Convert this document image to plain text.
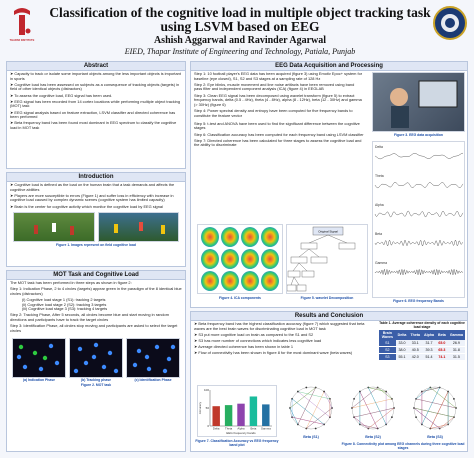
THAPAR INSTITUTE
Classification of the cognitive load in multiple object tracking task using LSVM based on EEG
Ashish Aggarwal and Ravinder Agarwal
EIED, Thapar Institute of Engineering and Technology, Patiala, Punjab
Abstract

➤ Capacity to track or isolate some important objects among the less important objects is important in sports

➤ Cognitive load has been assessed on subjects as a consequence of tracking objects (targets) in field of other identical objects (distractors)

➤ To assess the cognitive load, EEG signal has been used.

➤ EEG signal has been recorded from 14 cortex locations while performing multiple object tracking (MOT) task

➤ EEG signal analysis based on feature extraction, LSVM classifier and directed coherence has been performed

➤ Beta frequency band has been found most dominant in EEG spectrum to classify the cognitive load in MOT task

Introduction

➤ Cognitive load is defined as the load on the human brain that a task demands and affects the cognitive abilities

➤ Players are more susceptible to errors (Figure 1) and suffer loss in efficiency with increase in cognitive load caused by complex dynamic scenes (cognitive system has limited capacity)

➤ Brain is the center for cognitive activity which monitor the cognitive load by EEG signal

Figure 1. Images represent on field cognitive load
MOT Task and Cognitive Load

The MOT task has been performed in three steps as shown in figure 2:

Step 1: Indication Phase, 2 to 4 circles (targets) appear green in the paradigm of the 8 identical blue circles (distractors)

(i) Cognitive load stage 1 (S1): tracking 2 targets

(ii) Cognitive load stage 2 (S2): tracking 3 targets

(iii) Cognitive load stage 3 (S3): tracking 4 targets

Step 2: Tracking Phase, After 5 seconds, all circles become blue and start moving in random directions and participants have to track the target circles

Step 3: Identification Phase, all circles stop moving and participants are asked to select the target circles

(a) Indication Phase	(b) Tracking phase	(c) Identification Phase
Figure 2. MOT task
EEG Data Acquisition and Processing

Step 1: 10 football player's EEG data has been acquired (figure 3) using Emotiv Epoc+ system for baseline (eye closed), S1, S2 and S3 stages at a sampling rate of 128 Hz

Step 2: Eye blinks, muscle movement and line noise artifacts have been removed using band pass filter and independent component analysis (ICA) (figure 4) in EEGLAB

Step 3: Clean EEG signal has been decomposed using wavelet transform (figure 5) to extract frequency bands, delta (0.5 - 4Hz), theta (4 - 8Hz), alpha (8 - 12Hz), beta (12 - 30Hz) and gamma (> 30Hz) (figure 6)

Step 4: Power spectral density and entropy have been computed for five frequency bands to constitute the feature vector

Step 5: t-test and ANOVA have been used to find the significant difference between the cognitive stages

Step 6: Classification accuracy has been computed for each frequency band using LSVM classifier

Step 7: Directed coherence has been calculated for three stages to assess the cognitive load and the ability to discriminate

Figure 3. EEG data acquisition
Delta
Theta
Alpha
Beta
Gamma
Figure 6. EEG frequency Bands
Figure 4. ICA components
Original Signal
Figure 5. wavelet Decomposition
Results and Conclusion

➤ Beta frequency band has the highest classification accuracy (figure 7) which suggested that beta waves are the best brain waves for discriminating cognitive load in MOT task

➤ S3 put more cognitive load on brain as compared to the S1 and S2

➤ S3 has more number of connections which indicates less cognitive load

➤ Average directed coherence has been shown in table 1

➤ Flow of connectivity has been shown in figure 8 for the most dominant wave (beta waves)

Table 1. Average coherence density of each cognitive load stage
Brain Waves	Delta	Theta	Alpha	Beta	Gamma
S1	33.0	33.1	31.7	65.0	26.9
S2	38.0	40.5	39.3	65.3	31.8
S3	55.1	42.0	51.4	74.1	31.5
0
50
100
Delta Theta Alpha Beta Gamma
EEG frequency bands
Accuracy
Figure 7. Classification Accuracy vs EEG frequency band plot
Beta (S1)	Beta (S2)	Beta (S3)
Figure 8. Connectivity plot among EEG channels during three cognitive load stages
